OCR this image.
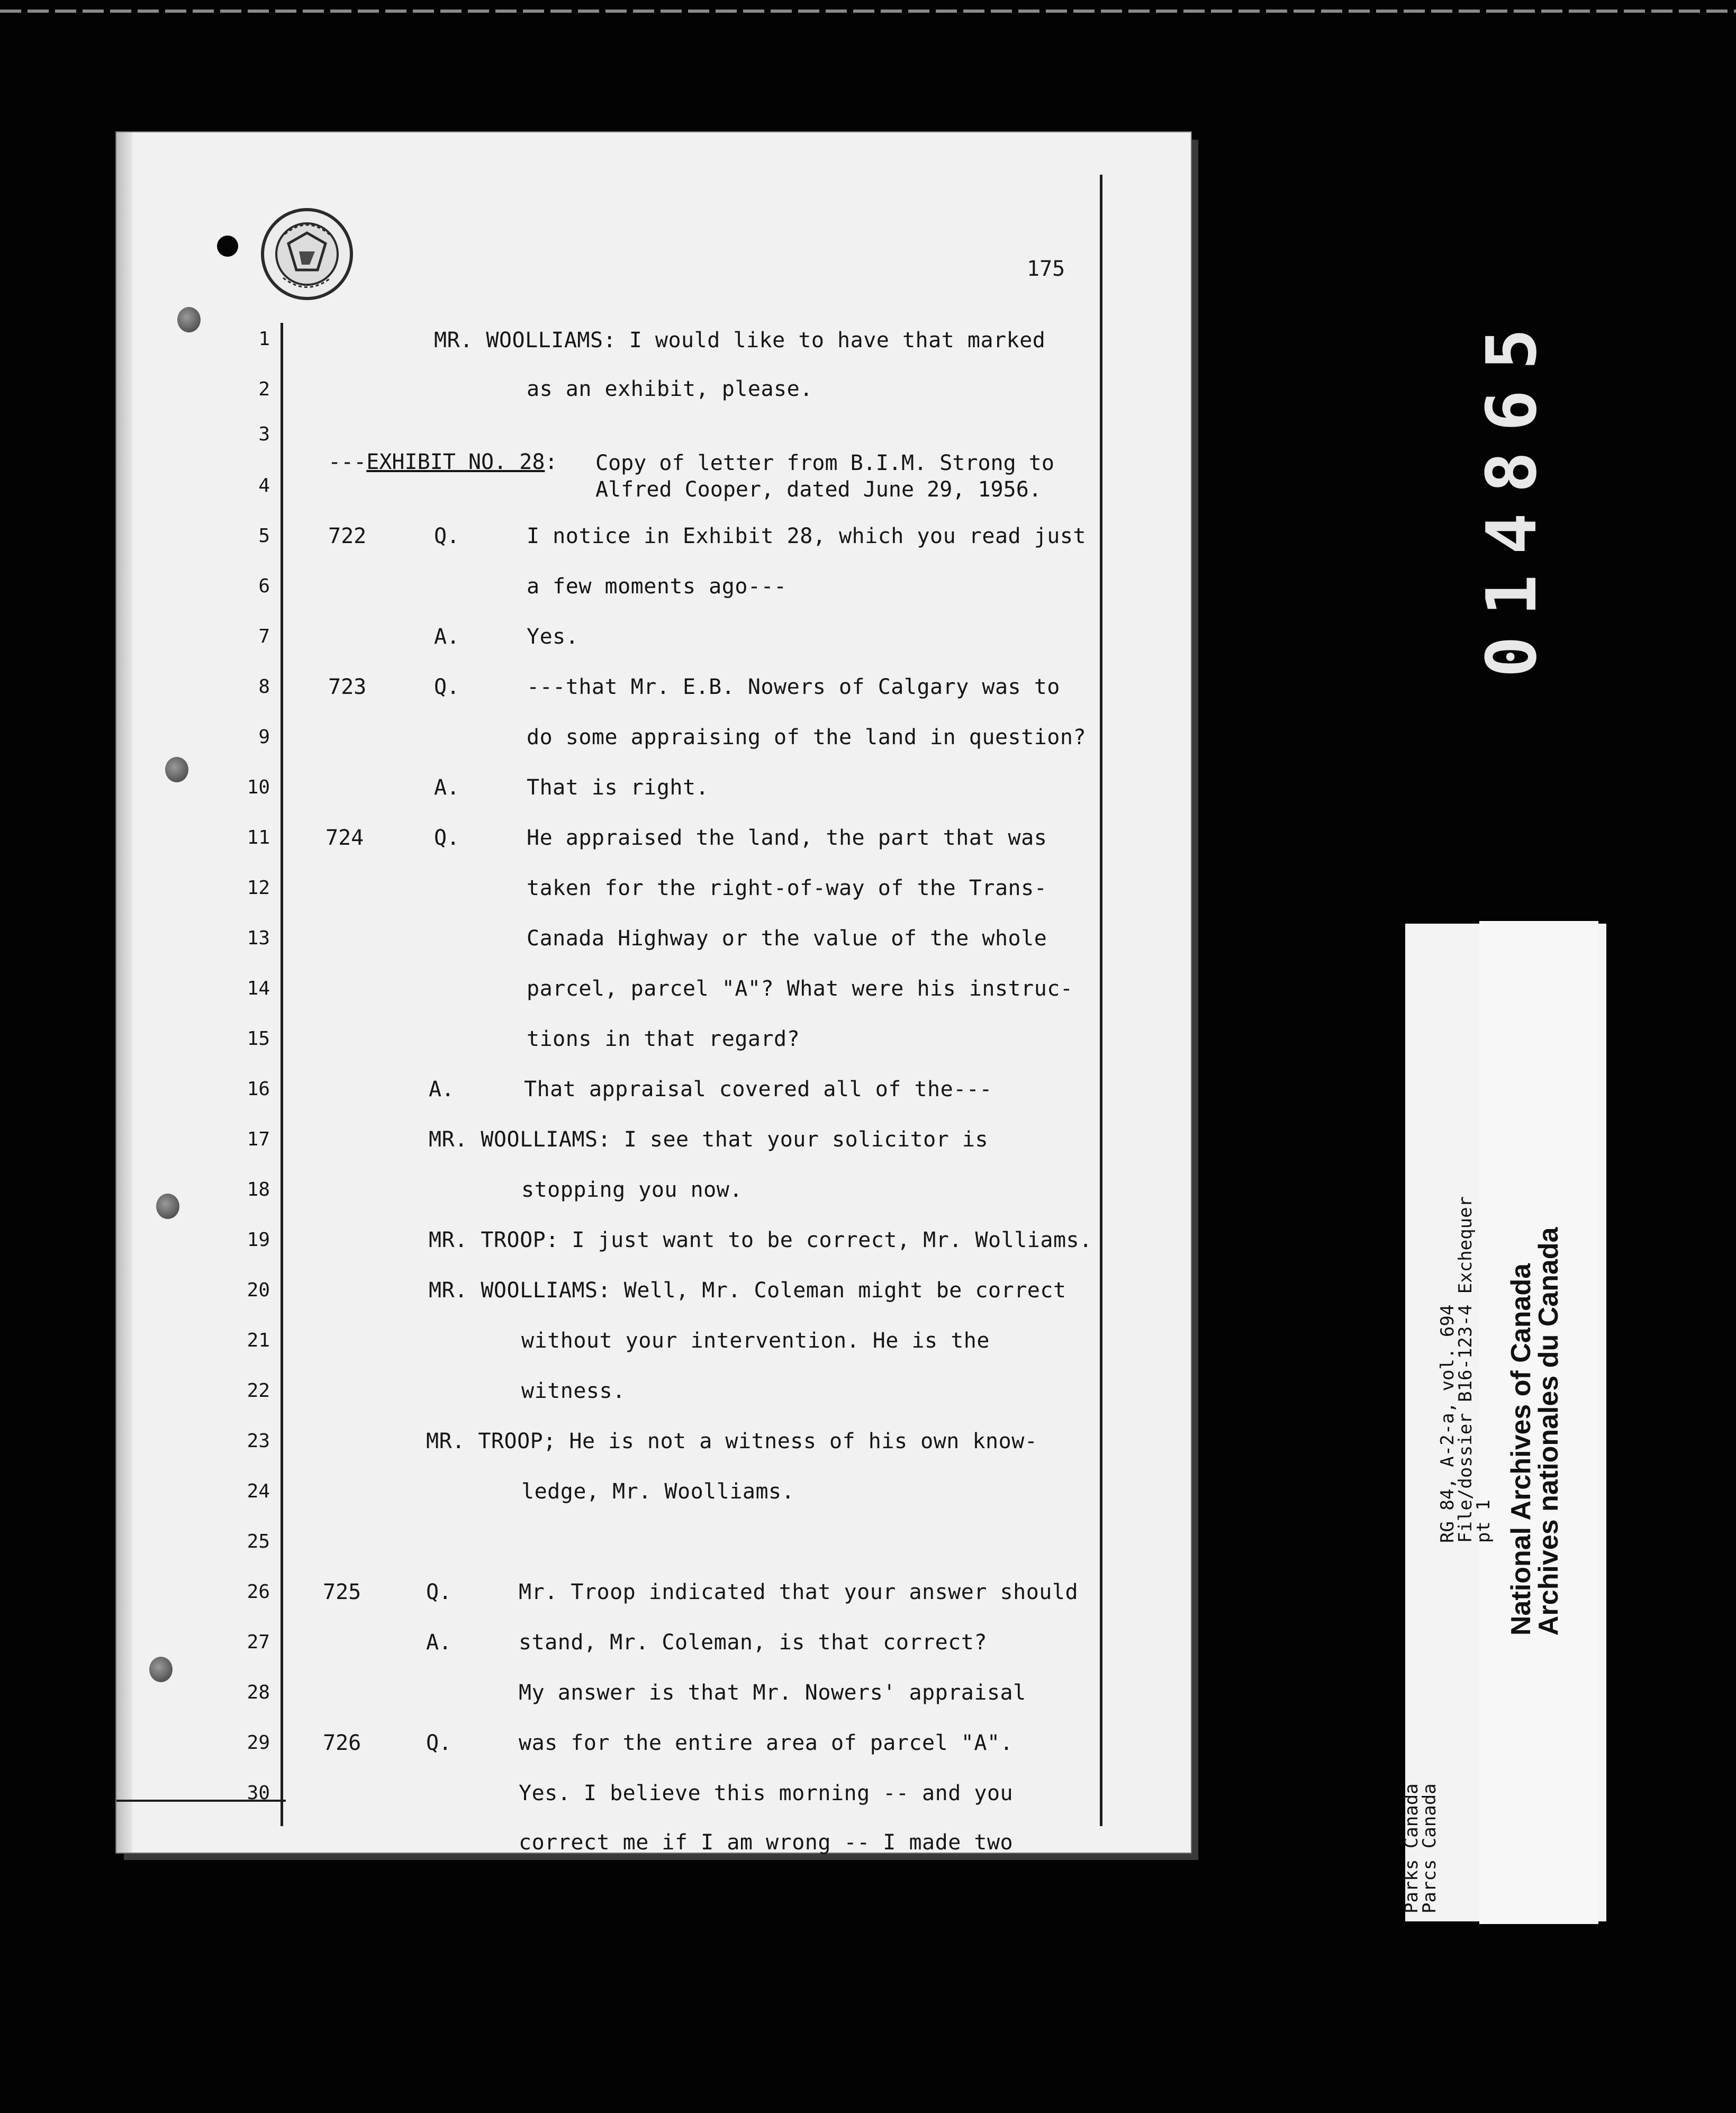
175
1
2
3
4
5
6
7
8
9
10
11
12
13
14
15
16
17
18
19
20
21
22
23
24
25
26
27
28
29
30
722
723
724
725
726
Q.
A.
Q.
A.
Q.
A.
Q.
A.
Q.
---EXHIBIT NO. 28: Copy of letter from B.I.M. Strong to
Alfred Cooper, dated June 29, 1956.
MR. WOOLLIAMS: I would like to have that marked
as an exhibit, please.
I notice in Exhibit 28, which you read just
a few moments ago---
Yes.
---that Mr. E.B. Nowers of Calgary was to
do some appraising of the land in question?
That is right.
He appraised the land, the part that was
taken for the right-of-way of the Trans-
Canada Highway or the value of the whole
parcel, parcel "A"? What were his instruc-
tions in that regard?
That appraisal covered all of the---
MR. WOOLLIAMS: I see that your solicitor is
stopping you now.
MR. TROOP: I just want to be correct, Mr. Wolliams.
MR. WOOLLIAMS: Well, Mr. Coleman might be correct
without your intervention. He is the
witness.
MR. TROOP; He is not a witness of his own know-
ledge, Mr. Woolliams.
Mr. Troop indicated that your answer should
stand, Mr. Coleman, is that correct?
My answer is that Mr. Nowers' appraisal
was for the entire area of parcel "A".
Yes. I believe this morning -- and you
correct me if I am wrong -- I made two
014865
RG 84, A-2-a, vol. 694
File/dossier B16-123-4 Exchequer
pt 1 National Archives of Canada
Archives nationales du Canada
Parks Canada
Parcs Canada
